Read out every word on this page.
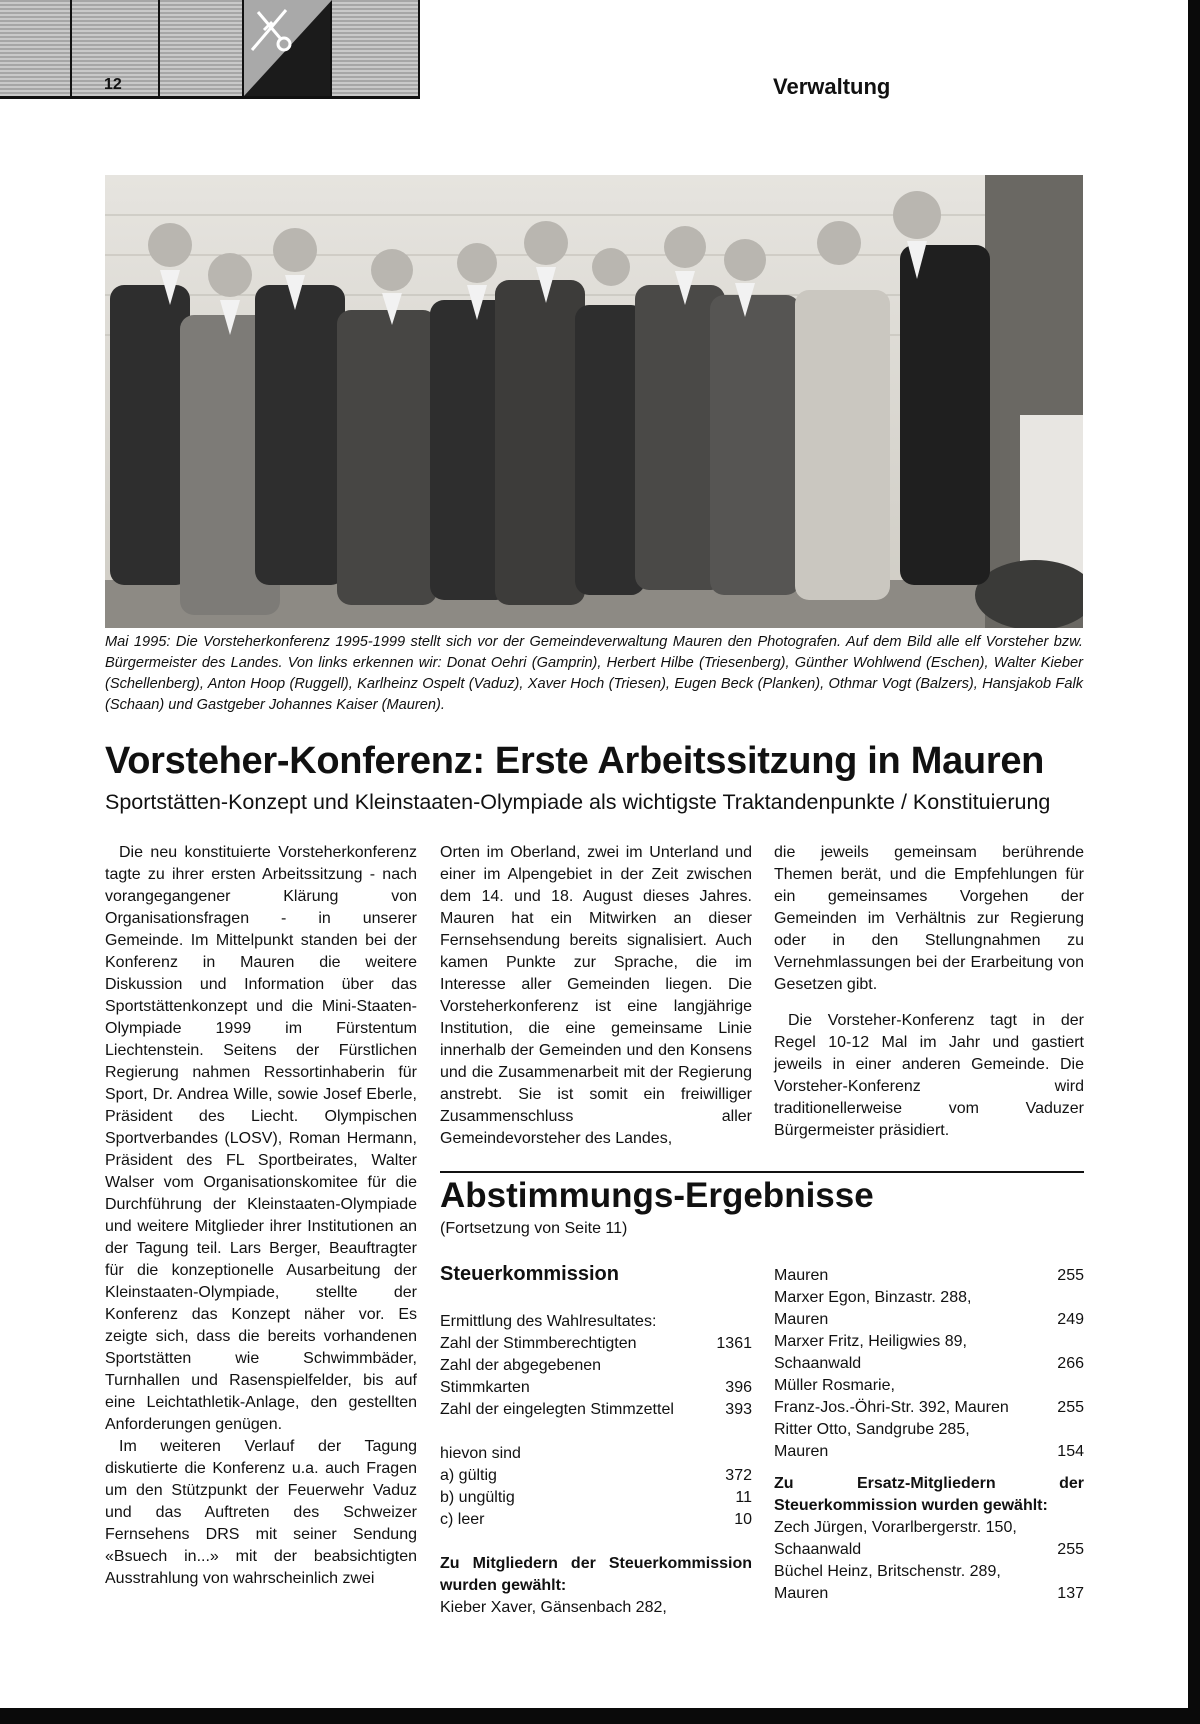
12	Verwaltung

Mai 1995: Die Vorsteherkonferenz 1995-1999 stellt sich vor der Gemeindeverwaltung Mauren den Photografen. Auf dem Bild alle elf Vorsteher bzw. Bürgermeister des Landes. Von links erkennen wir: Donat Oehri (Gamprin), Herbert Hilbe (Triesenberg), Günther Wohlwend (Eschen), Walter Kieber (Schellenberg), Anton Hoop (Ruggell), Karlheinz Ospelt (Vaduz), Xaver Hoch (Triesen), Eugen Beck (Planken), Othmar Vogt (Balzers), Hansjakob Falk (Schaan) und Gastgeber Johannes Kaiser (Mauren).

Vorsteher-Konferenz: Erste Arbeitssitzung in Mauren
Sportstätten-Konzept und Kleinstaaten-Olympiade als wichtigste Traktandenpunkte / Konstituierung

Die neu konstituierte Vorsteherkonferenz tagte zu ihrer ersten Arbeitssitzung - nach vorangegangener Klärung von Organisationsfragen - in unserer Gemeinde. Im Mittelpunkt standen bei der Konferenz in Mauren die weitere Diskussion und Information über das Sportstättenkonzept und die Mini-Staaten-Olympiade 1999 im Fürstentum Liechtenstein. Seitens der Fürstlichen Regierung nahmen Ressortinhaberin für Sport, Dr. Andrea Wille, sowie Josef Eberle, Präsident des Liecht. Olympischen Sportverbandes (LOSV), Roman Hermann, Präsident des FL Sportbeirates, Walter Walser vom Organisationskomitee für die Durchführung der Kleinstaaten-Olympiade und weitere Mitglieder ihrer Institutionen an der Tagung teil. Lars Berger, Beauftragter für die konzeptionelle Ausarbeitung der Kleinstaaten-Olympiade, stellte der Konferenz das Konzept näher vor. Es zeigte sich, dass die bereits vorhandenen Sportstätten wie Schwimmbäder, Turnhallen und Rasenspielfelder, bis auf eine Leichtathletik-Anlage, den gestellten Anforderungen genügen.

Im weiteren Verlauf der Tagung diskutierte die Konferenz u.a. auch Fragen um den Stützpunkt der Feuerwehr Vaduz und das Auftreten des Schweizer Fernsehens DRS mit seiner Sendung «Bsuech in...» mit der beabsichtigten Ausstrahlung von wahrscheinlich zwei

Orten im Oberland, zwei im Unterland und einer im Alpengebiet in der Zeit zwischen dem 14. und 18. August dieses Jahres. Mauren hat ein Mitwirken an dieser Fernsehsendung bereits signalisiert. Auch kamen Punkte zur Sprache, die im Interesse aller Gemeinden liegen. Die Vorsteherkonferenz ist eine langjährige Institution, die eine gemeinsame Linie innerhalb der Gemeinden und den Konsens und die Zusammenarbeit mit der Regierung anstrebt. Sie ist somit ein freiwilliger Zusammenschluss aller Gemeindevorsteher des Landes,

die jeweils gemeinsam berührende Themen berät, und die Empfehlungen für ein gemeinsames Vorgehen der Gemeinden im Verhältnis zur Regierung oder in den Stellungnahmen zu Vernehmlassungen bei der Erarbeitung von Gesetzen gibt.

Die Vorsteher-Konferenz tagt in der Regel 10-12 Mal im Jahr und gastiert jeweils in einer anderen Gemeinde. Die Vorsteher-Konferenz wird traditionellerweise vom Vaduzer Bürgermeister präsidiert.

Abstimmungs-Ergebnisse

(Fortsetzung von Seite 11)

Steuerkommission

Ermittlung des Wahlresultates:
Zahl der Stimmberechtigten	1361
Zahl der abgegebenen
Stimmkarten	396
Zahl der eingelegten Stimmzettel	393
hievon sind
a) gültig	372
b) ungültig	11
c) leer	10
Zu Mitgliedern der Steuerkommission wurden gewählt:
Kieber Xaver, Gänsenbach 282,
Mauren	255
Marxer Egon, Binzastr. 288,
Mauren	249
Marxer Fritz, Heiligwies 89,
Schaanwald	266
Müller Rosmarie,
Franz-Jos.-Öhri-Str. 392, Mauren	255
Ritter Otto, Sandgrube 285,
Mauren	154
Zu Ersatz-Mitgliedern der Steuerkommission wurden gewählt:
Zech Jürgen, Vorarlbergerstr. 150,
Schaanwald	255
Büchel Heinz, Britschenstr. 289,
Mauren	137
